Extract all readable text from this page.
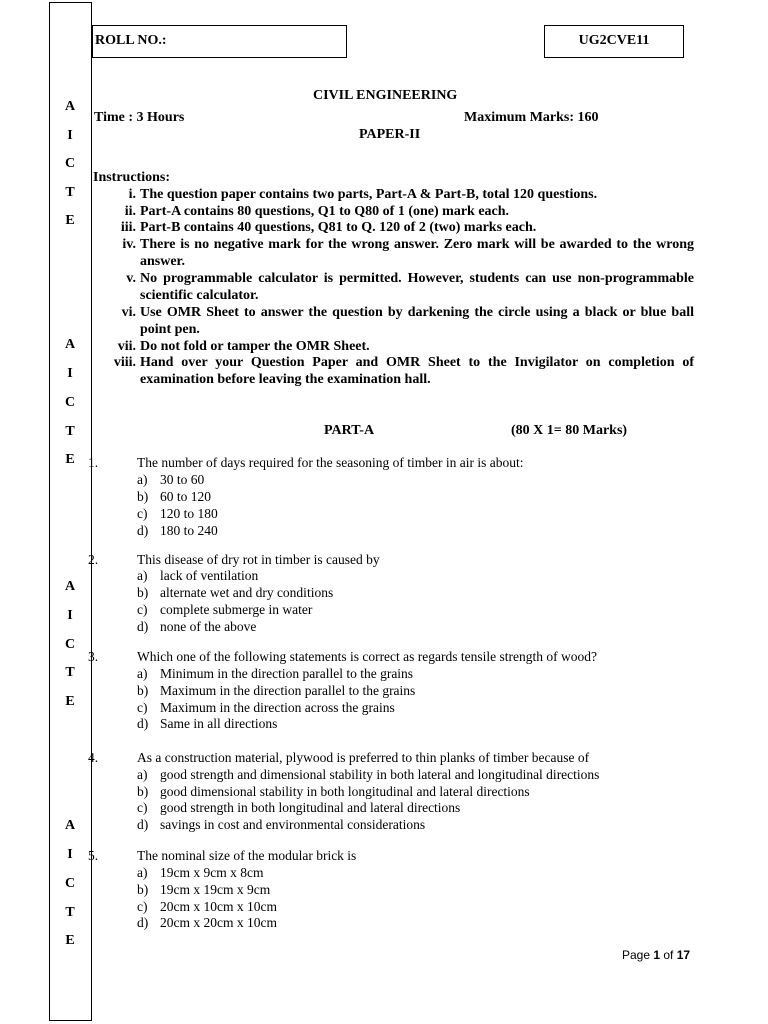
A
I
C
T
E
A
I
C
T
E
A
I
C
T
E
A
I
C
T
E
ROLL NO.:	UG2CVE11
CIVIL ENGINEERING
Time : 3 Hours	Maximum Marks: 160
PAPER-II
Instructions:
i. The question paper contains two parts, Part-A & Part-B, total 120 questions.
ii. Part-A contains 80 questions, Q1 to Q80 of 1 (one) mark each.
iii. Part-B contains 40 questions, Q81 to Q. 120 of 2 (two) marks each.
iv. There is no negative mark for the wrong answer. Zero mark will be awarded to the wrong answer.
v. No programmable calculator is permitted. However, students can use non-programmable scientific calculator.
vi. Use OMR Sheet to answer the question by darkening the circle using a black or blue ball point pen.
vii. Do not fold or tamper the OMR Sheet.
viii. Hand over your Question Paper and OMR Sheet to the Invigilator on completion of examination before leaving the examination hall.
PART-A	(80 X 1= 80 Marks)
1.	The number of days required for the seasoning of timber in air is about:
a) 30 to 60
b) 60 to 120
c) 120 to 180
d) 180 to 240
2.	This disease of dry rot in timber is caused by
a) lack of ventilation
b) alternate wet and dry conditions
c) complete submerge in water
d) none of the above
3.	Which one of the following statements is correct as regards tensile strength of wood?
a) Minimum in the direction parallel to the grains
b) Maximum in the direction parallel to the grains
c) Maximum in the direction across the grains
d) Same in all directions
4.	As a construction material, plywood is preferred to thin planks of timber because of
a) good strength and dimensional stability in both lateral and longitudinal directions
b) good dimensional stability in both longitudinal and lateral directions
c) good strength in both longitudinal and lateral directions
d) savings in cost and environmental considerations
5.	The nominal size of the modular brick is
a) 19cm x 9cm x 8cm
b) 19cm x 19cm x 9cm
c) 20cm x 10cm x 10cm
d) 20cm x 20cm x 10cm
Page 1 of 17
